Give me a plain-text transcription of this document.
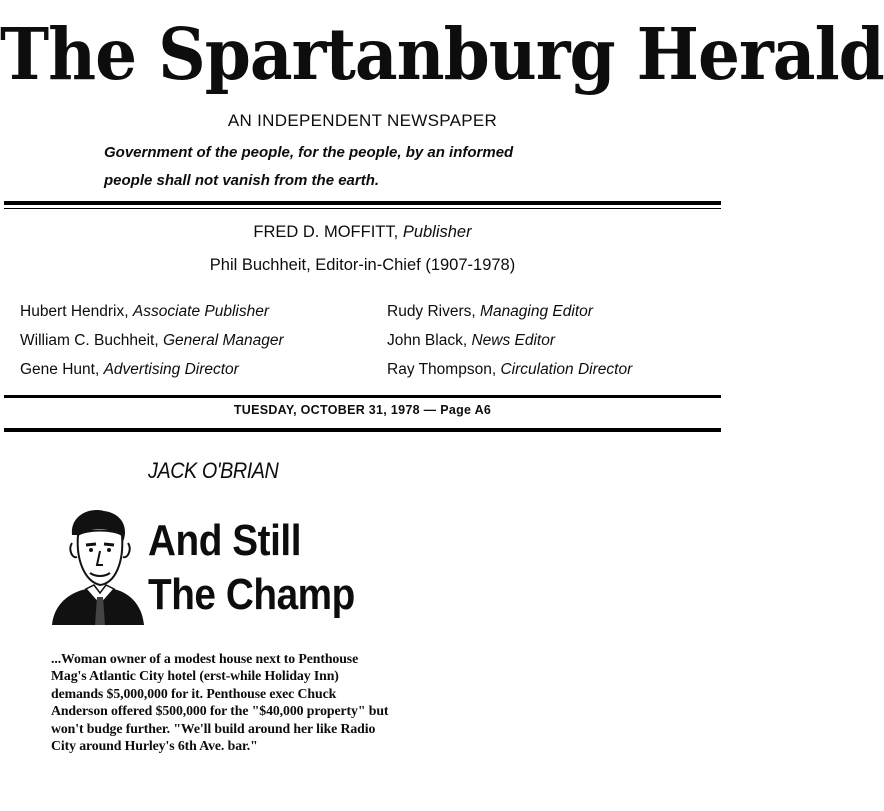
The Spartanburg Herald
AN INDEPENDENT NEWSPAPER
Government of the people, for the people, by an informed
people shall not vanish from the earth.
FRED D. MOFFITT, Publisher
Phil Buchheit, Editor-in-Chief (1907-1978)
Hubert Hendrix, Associate Publisher
William C. Buchheit, General Manager
Gene Hunt, Advertising Director
Rudy Rivers, Managing Editor
John Black, News Editor
Ray Thompson, Circulation Director
TUESDAY, OCTOBER 31, 1978 — Page A6
JACK O'BRIAN
And Still
The Champ
...Woman owner of a modest house next to Penthouse Mag's Atlantic City hotel (erst-while Holiday Inn) demands $5,000,000 for it. Penthouse exec Chuck Anderson offered $500,000 for the "$40,000 property" but won't budge further. "We'll build around her like Radio City around Hurley's 6th Ave. bar."
